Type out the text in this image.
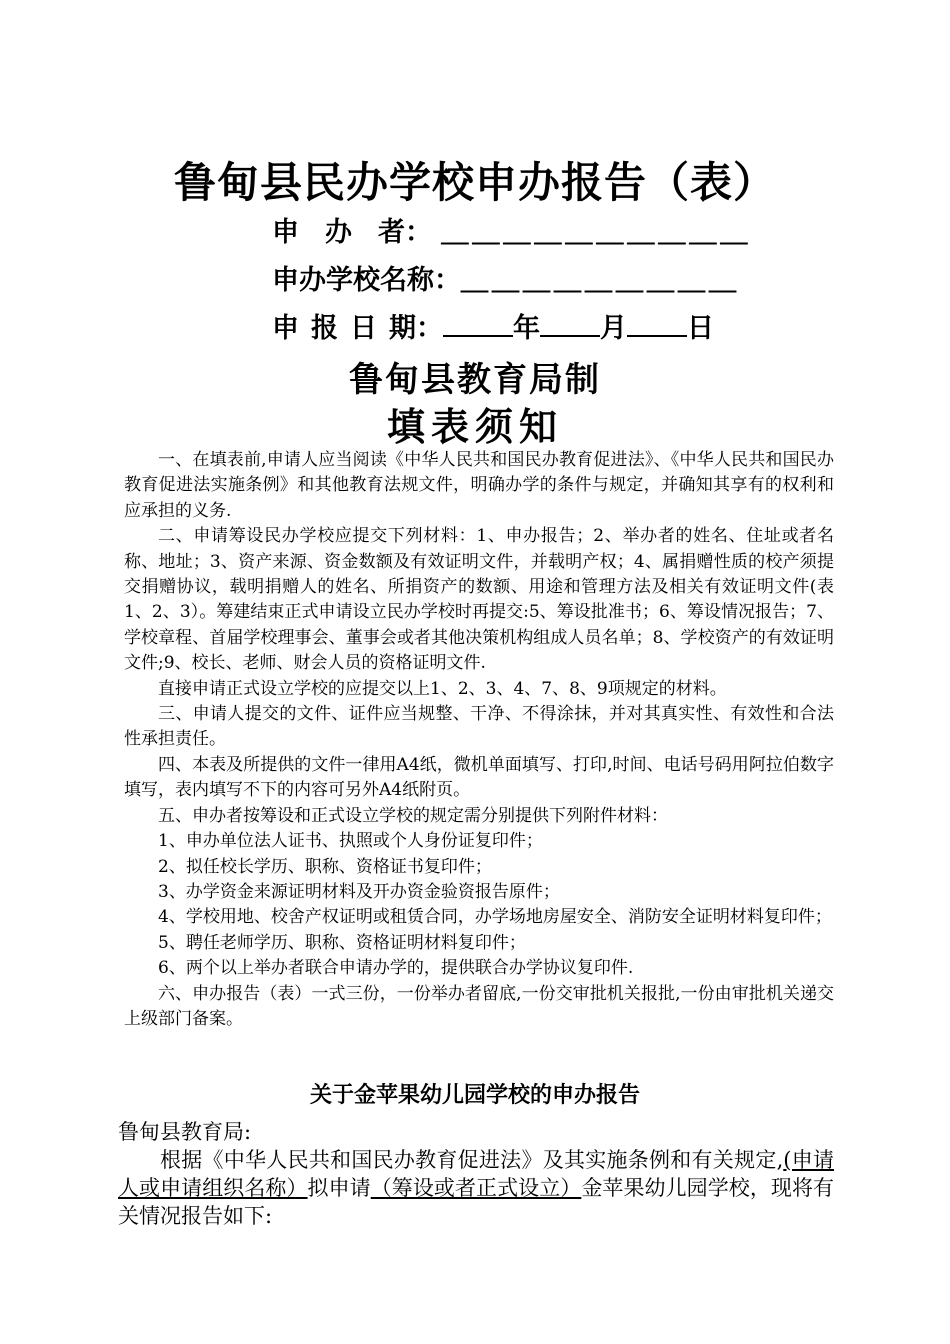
鲁甸县民办学校申办报告（表）
申办者： ＿＿＿＿＿＿＿＿＿＿
申办学校名称：＿＿＿＿＿＿＿＿＿
申报日期：	年 月 日
鲁甸县教育局制
填表须知

一、在填表前,申请人应当阅读《中华人民共和国民办教育促进法》、《中华人民共和国民办教育促进法实施条例》和其他教育法规文件，明确办学的条件与规定，并确知其享有的权利和应承担的义务.

二、申请筹设民办学校应提交下列材料：1、申办报告；2、举办者的姓名、住址或者名称、地址；3、资产来源、资金数额及有效证明文件，并载明产权；4、属捐赠性质的校产须提交捐赠协议，载明捐赠人的姓名、所捐资产的数额、用途和管理方法及相关有效证明文件(表1、2、3）。筹建结束正式申请设立民办学校时再提交:5、筹设批准书；6、筹设情况报告；7、学校章程、首届学校理事会、董事会或者其他决策机构组成人员名单；8、学校资产的有效证明文件;9、校长、老师、财会人员的资格证明文件.

直接申请正式设立学校的应提交以上1、2、3、4、7、8、9项规定的材料。

三、申请人提交的文件、证件应当规整、干净、不得涂抹，并对其真实性、有效性和合法性承担责任。

四、本表及所提供的文件一律用A4纸，微机单面填写、打印,时间、电话号码用阿拉伯数字填写，表内填写不下的内容可另外A4纸附页。

五、申办者按筹设和正式设立学校的规定需分别提供下列附件材料：

1、申办单位法人证书、执照或个人身份证复印件；

2、拟任校长学历、职称、资格证书复印件；

3、办学资金来源证明材料及开办资金验资报告原件；

4、学校用地、校舍产权证明或租赁合同，办学场地房屋安全、消防安全证明材料复印件；

5、聘任老师学历、职称、资格证明材料复印件；

6、两个以上举办者联合申请办学的，提供联合办学协议复印件.

六、申办报告（表）一式三份，一份举办者留底,一份交审批机关报批,一份由审批机关递交上级部门备案。

关于金苹果幼儿园学校的申办报告

鲁甸县教育局:

根据《中华人民共和国民办教育促进法》及其实施条例和有关规定,(申请人或申请组织名称）拟申请（筹设或者正式设立）金苹果幼儿园学校，现将有关情况报告如下:
